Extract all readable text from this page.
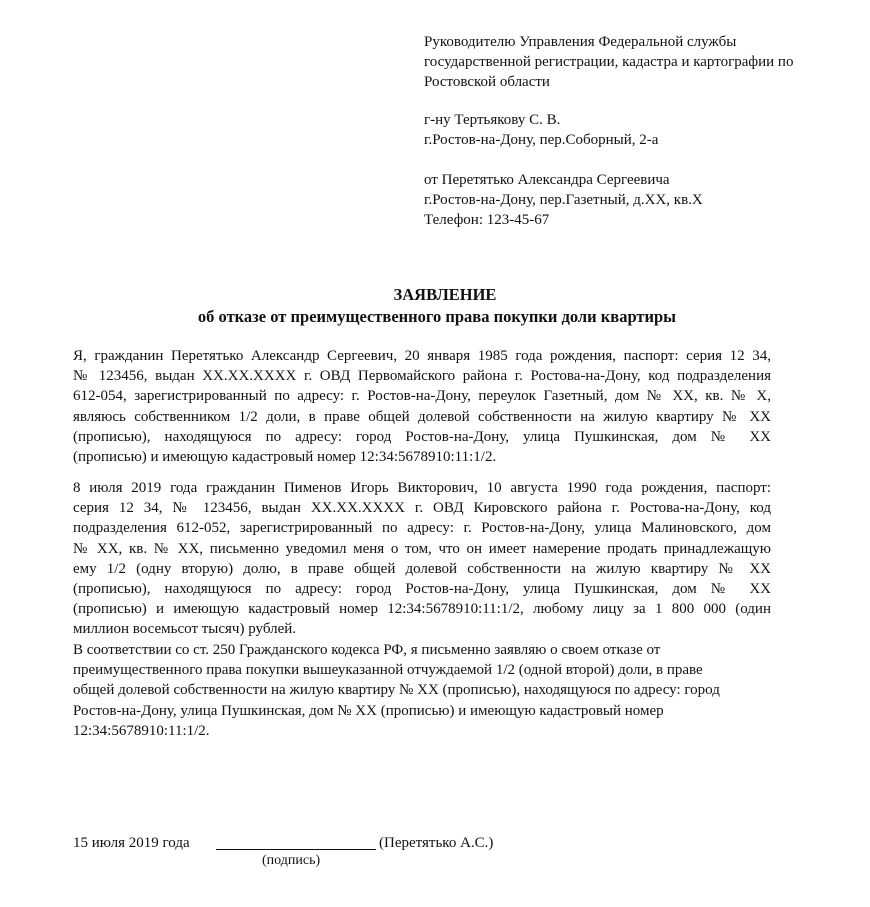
Руководителю Управления Федеральной службы
государственной регистрации, кадастра и картографии по
Ростовской области
г-ну Тертьякову С. В.
г.Ростов-на-Дону, пер.Соборный, 2-а
от Перетятько Александра Сергеевича
г.Ростов-на-Дону, пер.Газетный, д.ХХ, кв.Х
Телефон: 123-45-67
ЗАЯВЛЕНИЕ
об отказе от преимущественного права покупки доли квартиры
Я, гражданин Перетятько Александр Сергеевич, 20 января 1985 года рождения, паспорт: серия 12 34,
№ 123456, выдан ХХ.ХХ.ХХХХ г. ОВД Первомайского района г. Ростова-на-Дону, код подразделения
612-054, зарегистрированный по адресу: г. Ростов-на-Дону, переулок Газетный, дом № ХХ, кв. № Х,
являюсь собственником 1/2 доли, в праве общей долевой собственности на жилую квартиру № ХХ
(прописью), находящуюся по адресу: город Ростов-на-Дону, улица Пушкинская, дом № ХХ
(прописью) и имеющую кадастровый номер 12:34:5678910:11:1/2.
8 июля 2019 года гражданин Пименов Игорь Викторович, 10 августа 1990 года рождения, паспорт:
серия 12 34, № 123456, выдан ХХ.ХХ.ХХХХ г. ОВД Кировского района г. Ростова-на-Дону, код
подразделения 612-052, зарегистрированный по адресу: г. Ростов-на-Дону, улица Малиновского, дом
№ ХХ, кв. № ХХ, письменно уведомил меня о том, что он имеет намерение продать принадлежащую
ему 1/2 (одну вторую) долю, в праве общей долевой собственности на жилую квартиру № ХХ
(прописью), находящуюся по адресу: город Ростов-на-Дону, улица Пушкинская, дом № ХХ
(прописью) и имеющую кадастровый номер 12:34:5678910:11:1/2, любому лицу за 1 800 000 (один
миллион восемьсот тысяч) рублей.
В соответствии со ст. 250 Гражданского кодекса РФ, я письменно заявляю о своем отказе от
преимущественного права покупки вышеуказанной отчуждаемой 1/2 (одной второй) доли, в праве
общей долевой собственности на жилую квартиру № ХХ (прописью), находящуюся по адресу: город
Ростов-на-Дону, улица Пушкинская, дом № ХХ (прописью) и имеющую кадастровый номер
12:34:5678910:11:1/2.
15 июля 2019 года	(Перетятько А.С.)
(подпись)
